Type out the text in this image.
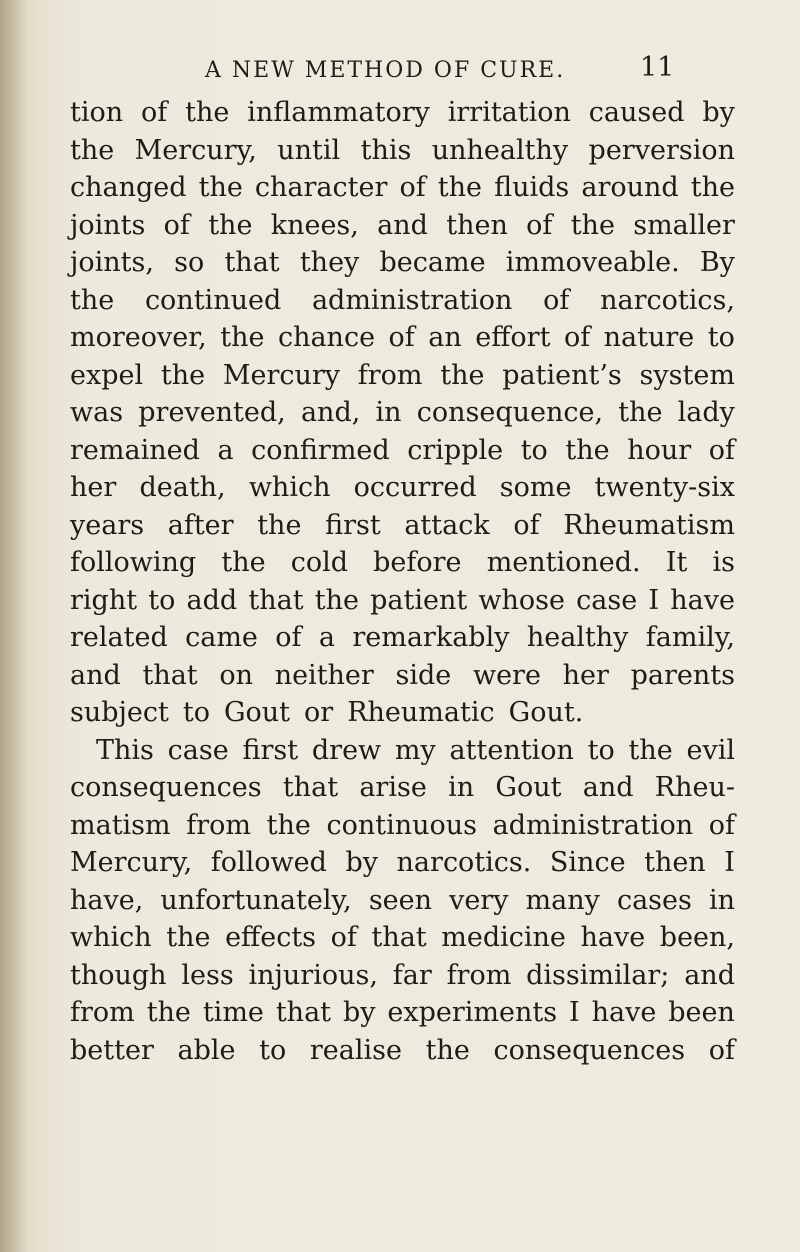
A NEW METHOD OF CURE.	11
tion of the inflammatory irritation caused by
the Mercury, until this unhealthy perversion
changed the character of the fluids around the
joints of the knees, and then of the smaller
joints, so that they became immoveable. By
the continued administration of narcotics,
moreover, the chance of an effort of nature to
expel the Mercury from the patient’s system
was prevented, and, in consequence, the lady
remained a confirmed cripple to the hour of
her death, which occurred some twenty-six
years after the first attack of Rheumatism
following the cold before mentioned. It is
right to add that the patient whose case I have
related came of a remarkably healthy family,
and that on neither side were her parents
subject to Gout or Rheumatic Gout.
This case first drew my attention to the evil
consequences that arise in Gout and Rheu-
matism from the continuous administration of
Mercury, followed by narcotics. Since then I
have, unfortunately, seen very many cases in
which the effects of that medicine have been,
though less injurious, far from dissimilar; and
from the time that by experiments I have been
better able to realise the consequences of
